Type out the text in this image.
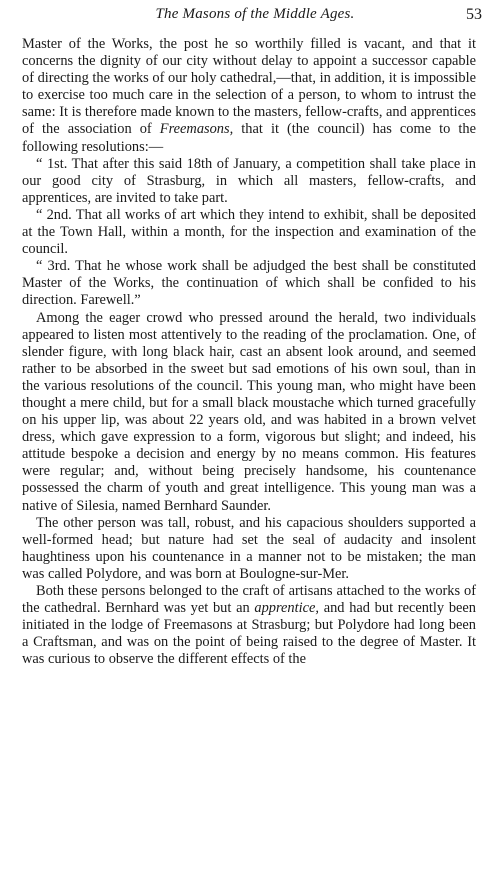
The Masons of the Middle Ages.	53

Master of the Works, the post he so worthily filled is vacant, and that it concerns the dignity of our city without delay to appoint a successor capable of directing the works of our holy cathedral,—that, in addition, it is impossible to exercise too much care in the selection of a person, to whom to intrust the same: It is therefore made known to the masters, fellow-crafts, and apprentices of the association of Freemasons, that it (the council) has come to the following resolutions:—

“ 1st. That after this said 18th of January, a competition shall take place in our good city of Strasburg, in which all masters, fellow-crafts, and apprentices, are invited to take part.

“ 2nd. That all works of art which they intend to exhibit, shall be deposited at the Town Hall, within a month, for the inspection and examination of the council.

“ 3rd. That he whose work shall be adjudged the best shall be constituted Master of the Works, the continuation of which shall be confided to his direction. Farewell.”

Among the eager crowd who pressed around the herald, two individuals appeared to listen most attentively to the reading of the proclamation. One, of slender figure, with long black hair, cast an absent look around, and seemed rather to be absorbed in the sweet but sad emotions of his own soul, than in the various resolutions of the council. This young man, who might have been thought a mere child, but for a small black moustache which turned gracefully on his upper lip, was about 22 years old, and was habited in a brown velvet dress, which gave expression to a form, vigorous but slight; and indeed, his attitude bespoke a decision and energy by no means common. His features were regular; and, without being precisely handsome, his countenance possessed the charm of youth and great intelligence. This young man was a native of Silesia, named Bernhard Saunder.

The other person was tall, robust, and his capacious shoulders supported a well-formed head; but nature had set the seal of audacity and insolent haughtiness upon his countenance in a manner not to be mistaken; the man was called Polydore, and was born at Boulogne-sur-Mer.

Both these persons belonged to the craft of artisans attached to the works of the cathedral. Bernhard was yet but an apprentice, and had but recently been initiated in the lodge of Freemasons at Strasburg; but Polydore had long been a Craftsman, and was on the point of being raised to the degree of Master. It was curious to observe the different effects of the
